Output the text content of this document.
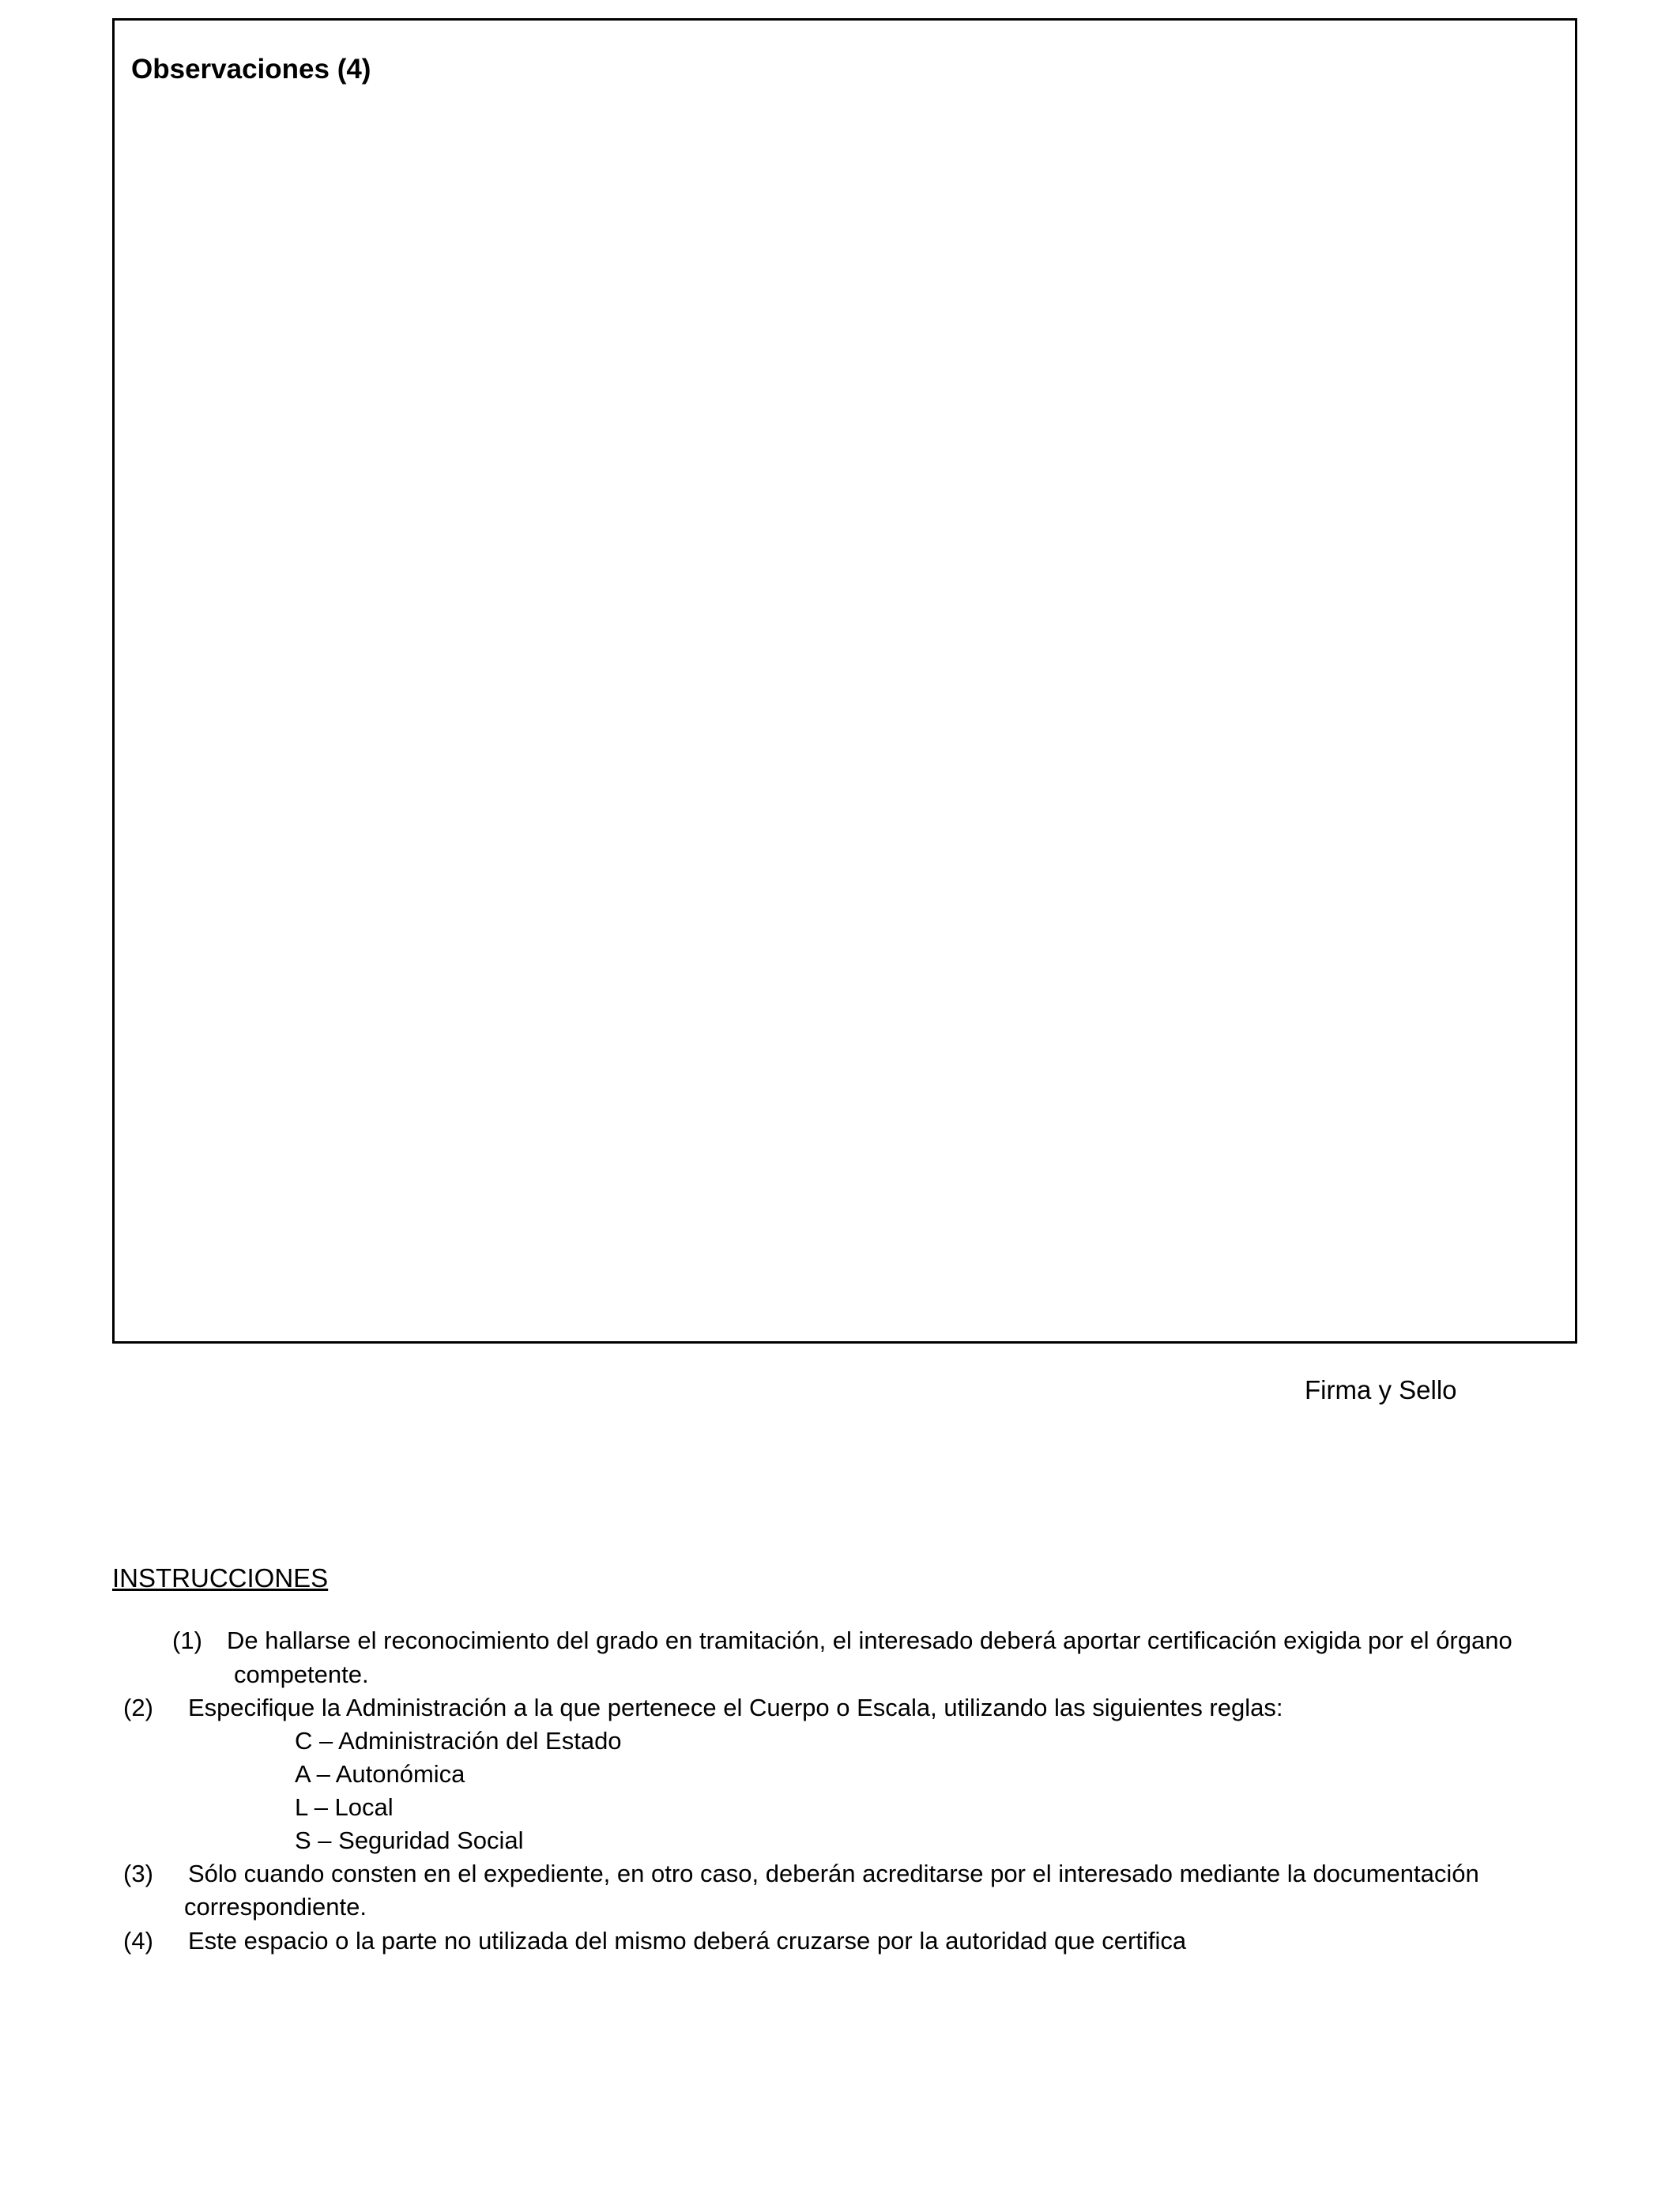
Observaciones (4)
Firma y Sello
INSTRUCCIONES
(1) De hallarse el reconocimiento del grado en tramitación, el interesado deberá aportar certificación exigida por el órgano
competente.
(2) Especifique la Administración a la que pertenece el Cuerpo o Escala, utilizando las siguientes reglas:
C – Administración del Estado
A – Autonómica
L – Local
S – Seguridad Social
(3) Sólo cuando consten en el expediente, en otro caso, deberán acreditarse por el interesado mediante la documentación
correspondiente.
(4) Este espacio o la parte no utilizada del mismo deberá cruzarse por la autoridad que certifica
